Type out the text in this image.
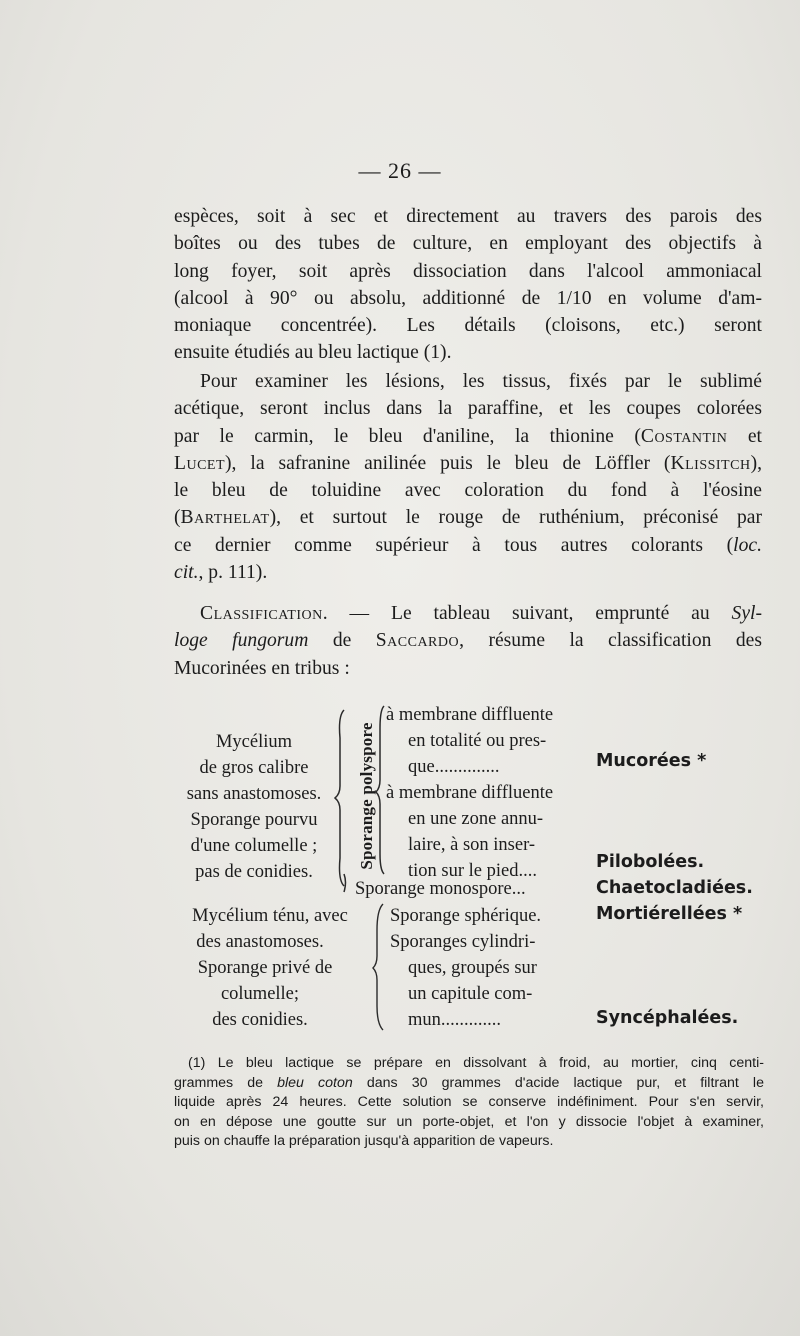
— 26 —
espèces, soit à sec et directement au travers des parois des
boîtes ou des tubes de culture, en employant des objectifs à
long foyer, soit après dissociation dans l'alcool ammoniacal
(alcool à 90° ou absolu, additionné de 1/10 en volume d'am-
moniaque concentrée). Les détails (cloisons, etc.) seront
ensuite étudiés au bleu lactique (1).
Pour examiner les lésions, les tissus, fixés par le sublimé
acétique, seront inclus dans la paraffine, et les coupes colorées
par le carmin, le bleu d'aniline, la thionine (Costantin et
Lucet), la safranine anilinée puis le bleu de Löffler (Klissitch),
le bleu de toluidine avec coloration du fond à l'éosine
(Barthelat), et surtout le rouge de ruthénium, préconisé par
ce dernier comme supérieur à tous autres colorants (loc.
cit., p. 111).
Classification. — Le tableau suivant, emprunté au Syl-
loge fungorum de Saccardo, résume la classification des
Mucorinées en tribus :
Mycélium
de gros calibre
sans anastomoses.
Sporange pourvu
d'une columelle ;
pas de conidies.
Sporange polyspore
à membrane diffluente
en totalité ou pres-
que..............
à membrane diffluente
en une zone annu-
laire, à son inser-
tion sur le pied....
Sporange monospore...
Mycélium ténu, avec
des anastomoses.
Sporange privé de
columelle;
des conidies.
Sporange sphérique.
Sporanges cylindri-
ques, groupés sur
un capitule com-
mun.............
Mucorées *
Pilobolées.
Chaetocladiées.
Mortiérellées *
Syncéphalées.
(1) Le bleu lactique se prépare en dissolvant à froid, au mortier, cinq centi-
grammes de bleu coton dans 30 grammes d'acide lactique pur, et filtrant le
liquide après 24 heures. Cette solution se conserve indéfiniment. Pour s'en servir,
on en dépose une goutte sur un porte-objet, et l'on y dissocie l'objet à examiner,
puis on chauffe la préparation jusqu'à apparition de vapeurs.
